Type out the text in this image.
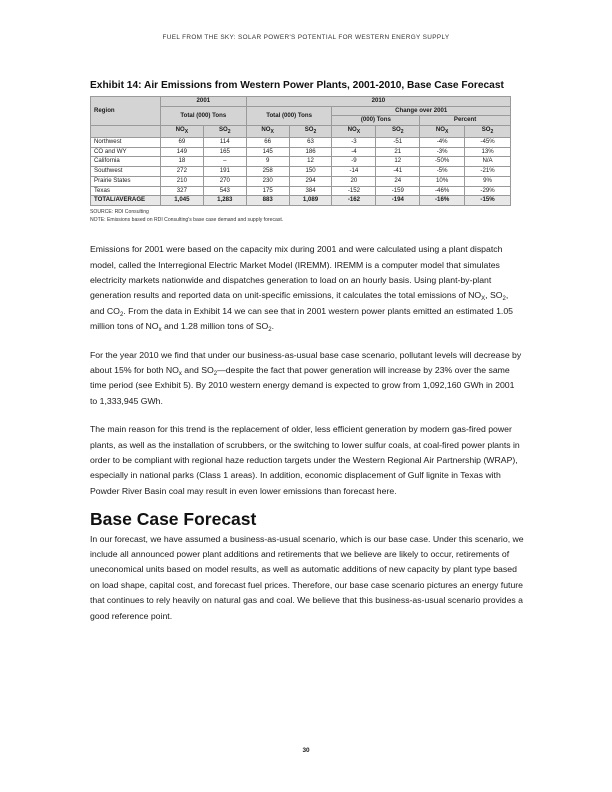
FUEL FROM THE SKY: SOLAR POWER'S POTENTIAL FOR WESTERN ENERGY SUPPLY
Exhibit 14: Air Emissions from Western Power Plants, 2001-2010, Base Case Forecast
Region	2001		2010					
	Total (000) Tons		Total (000) Tons		Change over 2001			
					(000) Tons		Percent	
	$NO_X$	$SO_2$	$NO_X$	$SO_2$	$NO_X$	$SO_2$	$NO_X$	$SO_2$
Northwest	69	114	66	63	-3	-51	-4%	-45%
CO and WY	149	165	145	186	-4	21	-3%	13%
California	18	–	9	12	-9	12	-50%	N/A
Southwest	272	191	258	150	-14	-41	-5%	-21%
Prairie States	210	270	230	294	20	24	10%	9%
Texas	327	543	175	384	-152	-159	-46%	-29%
TOTAL/AVERAGE	1,045	1,283	883	1,089	-162	-194	-16%	-15%
SOURCE: RDI Consulting
NOTE: Emissions based on RDI Consulting's base case demand and supply forecast.

Emissions for 2001 were based on the capacity mix during 2001 and were calculated using a plant dispatch model, called the Interregional Electric Market Model (IREMM). IREMM is a computer model that simulates electricity markets nationwide and dispatches generation to load on an hourly basis. Using plant-by-plant generation results and reported data on unit-specific emissions, it calculates the total emissions of $NO_X$, $SO_2$, and $CO_2$. From the data in Exhibit 14 we can see that in 2001 western power plants emitted an estimated 1.05 million tons of $NO_x$ and 1.28 million tons of $SO_2$.

For the year 2010 we find that under our business-as-usual base case scenario, pollutant levels will decrease by about 15% for both $NO_x$ and $SO_2—despite$ the fact that power generation will increase by 23% over the same time period (see Exhibit 5). By 2010 western energy demand is expected to grow from 1,092,160 GWh in 2001 to 1,333,945 GWh.

The main reason for this trend is the replacement of older, less efficient generation by modern gas-fired power plants, as well as the installation of scrubbers, or the switching to lower sulfur coals, at coal-fired power plants in order to be compliant with regional haze reduction targets under the Western Regional Air Partnership (WRAP), especially in national parks (Class 1 areas). In addition, economic displacement of Gulf lignite in Texas with Powder River Basin coal may result in even lower emissions than forecast here.

Base Case Forecast

In our forecast, we have assumed a business-as-usual scenario, which is our base case. Under this scenario, we include all announced power plant additions and retirements that we believe are likely to occur, retirements of uneconomical units based on model results, as well as automatic additions of new capacity by plant type based on load shape, capital cost, and forecast fuel prices. Therefore, our base case scenario pictures an energy future that continues to rely heavily on natural gas and coal. We believe that this business-as-usual scenario provides a good reference point.

30
